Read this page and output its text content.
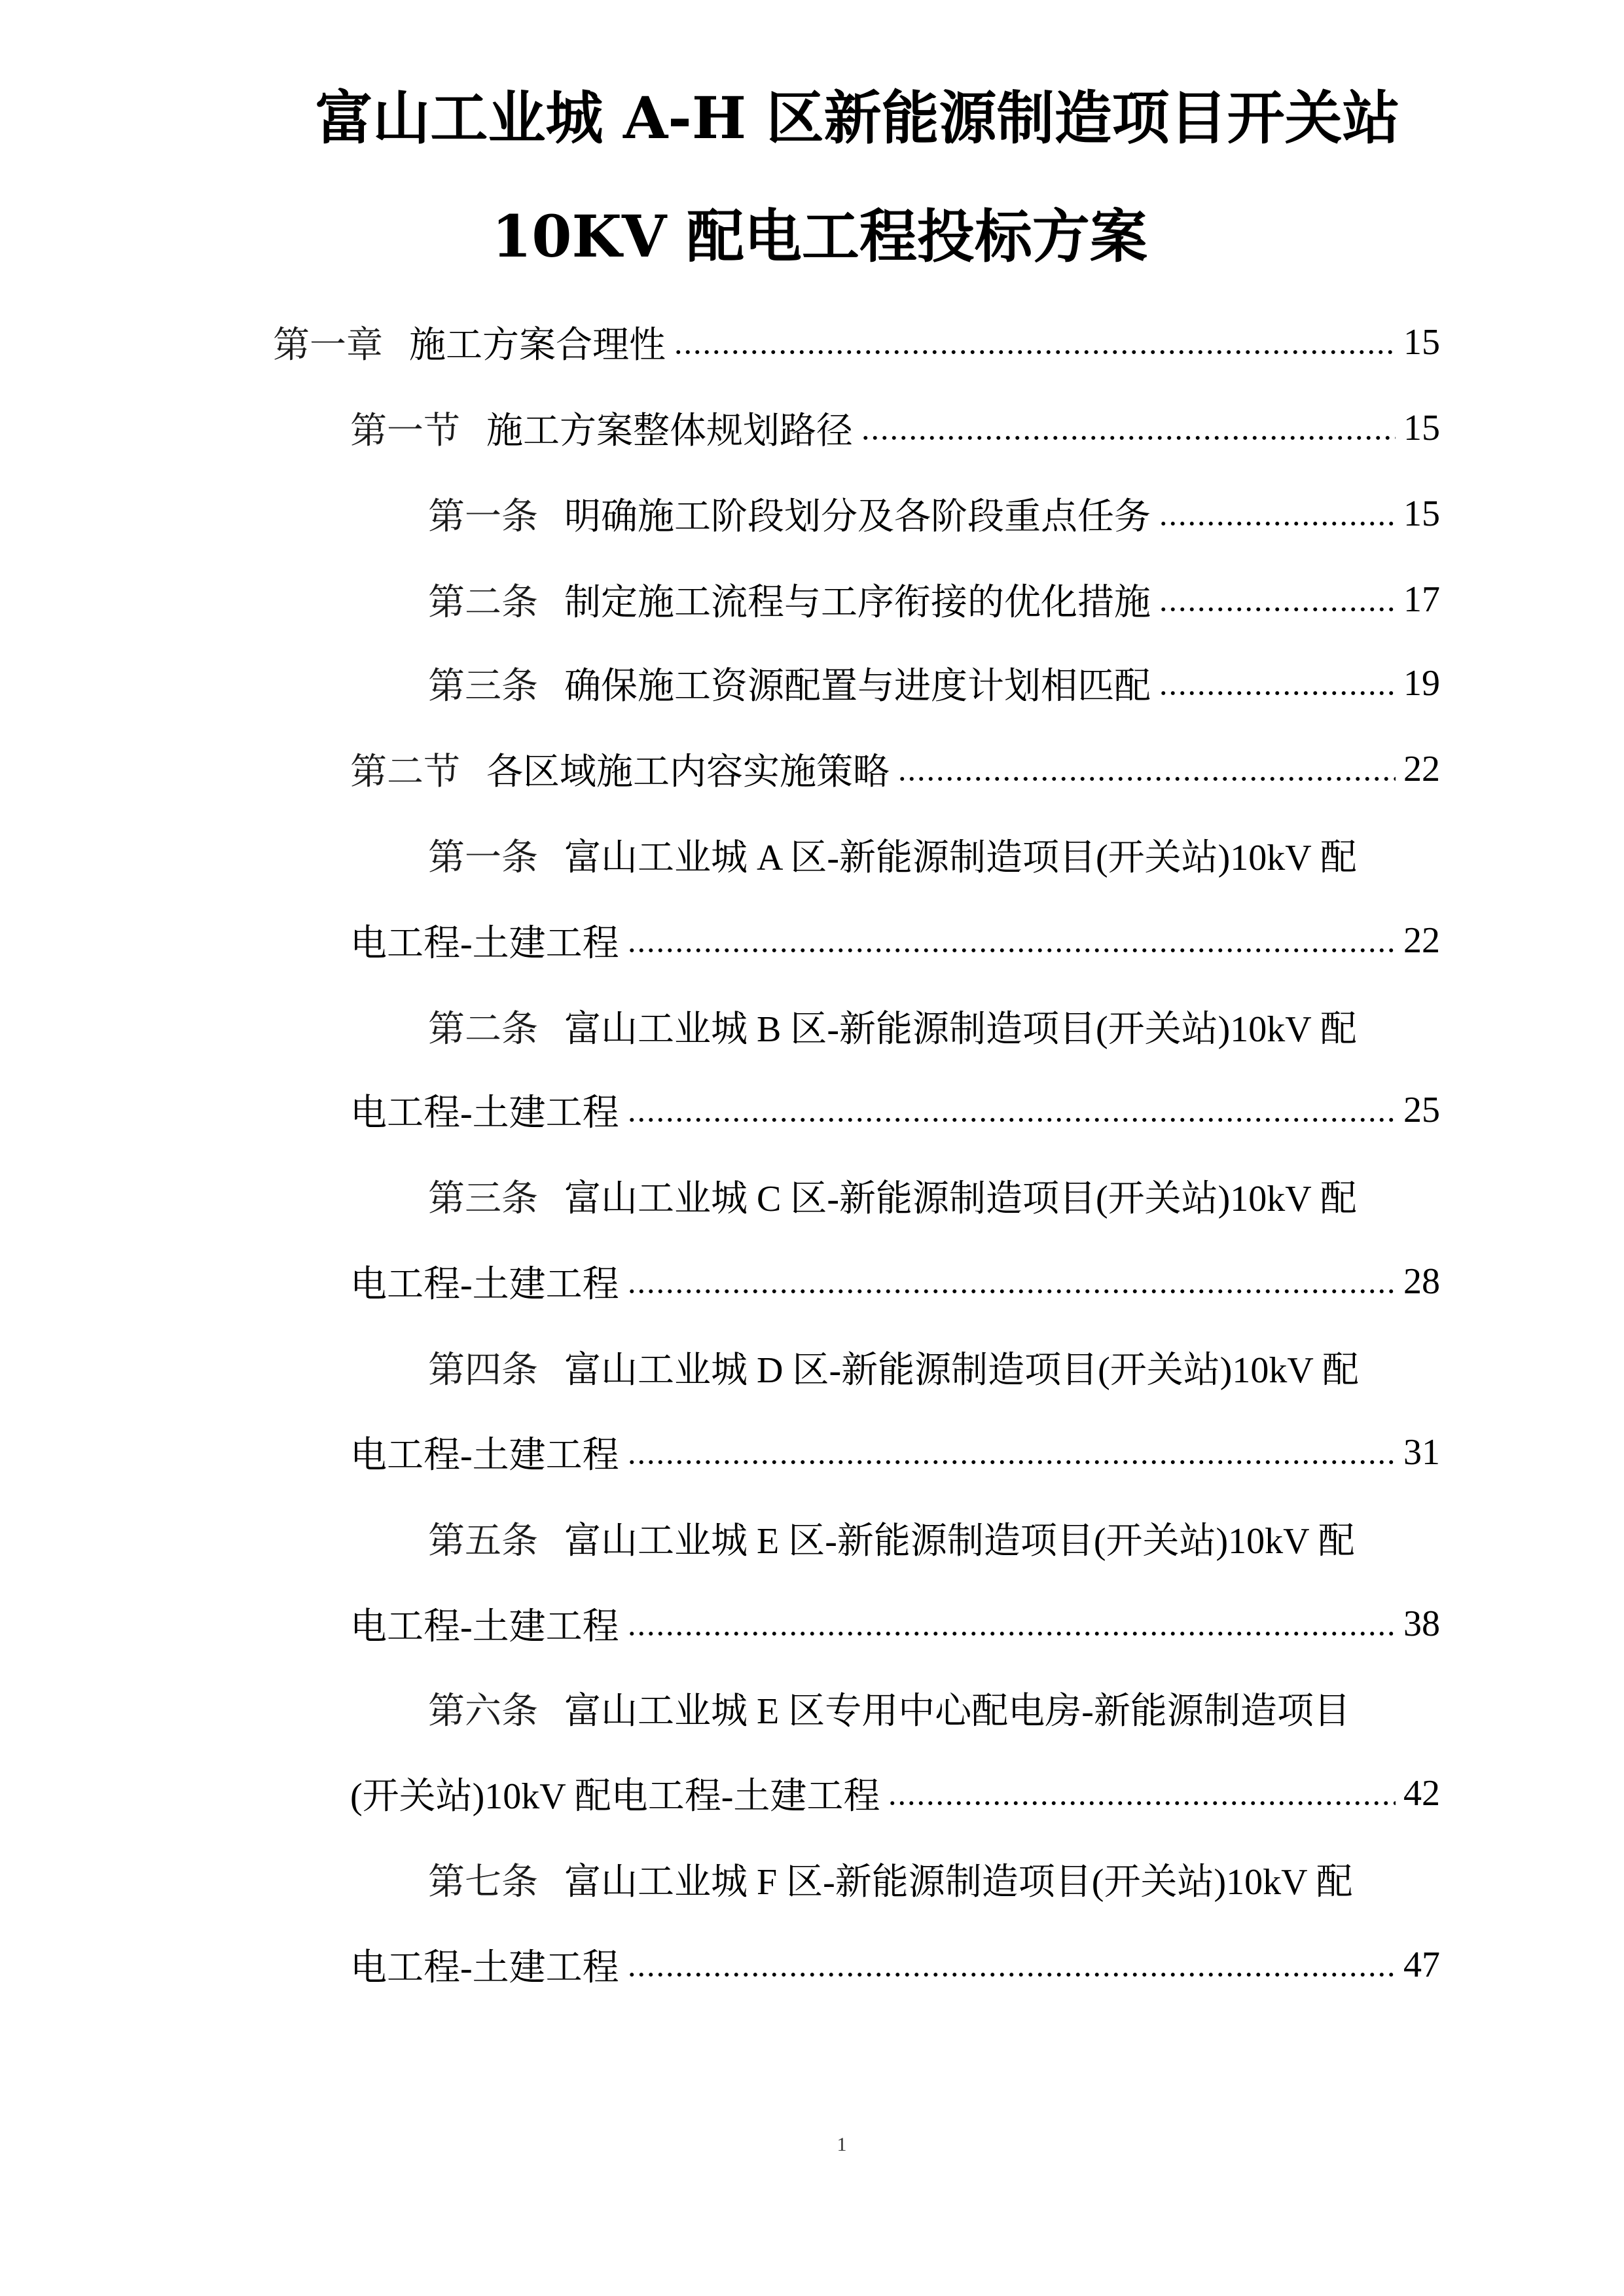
富山工业城 A-H 区新能源制造项目开关站
10KV 配电工程投标方案
第一章 施工方案合理性	15
第一节 施工方案整体规划路径	15
第一条 明确施工阶段划分及各阶段重点任务	15
第二条 制定施工流程与工序衔接的优化措施	17
第三条 确保施工资源配置与进度计划相匹配	19
第二节 各区域施工内容实施策略	22
第一条 富山工业城 A 区-新能源制造项目(开关站)10kV 配
电工程-土建工程	22
第二条 富山工业城 B 区-新能源制造项目(开关站)10kV 配
电工程-土建工程	25
第三条 富山工业城 C 区-新能源制造项目(开关站)10kV 配
电工程-土建工程	28
第四条 富山工业城 D 区-新能源制造项目(开关站)10kV 配
电工程-土建工程	31
第五条 富山工业城 E 区-新能源制造项目(开关站)10kV 配
电工程-土建工程	38
第六条 富山工业城 E 区专用中心配电房-新能源制造项目
(开关站)10kV 配电工程-土建工程	42
第七条 富山工业城 F 区-新能源制造项目(开关站)10kV 配
电工程-土建工程	47
1
